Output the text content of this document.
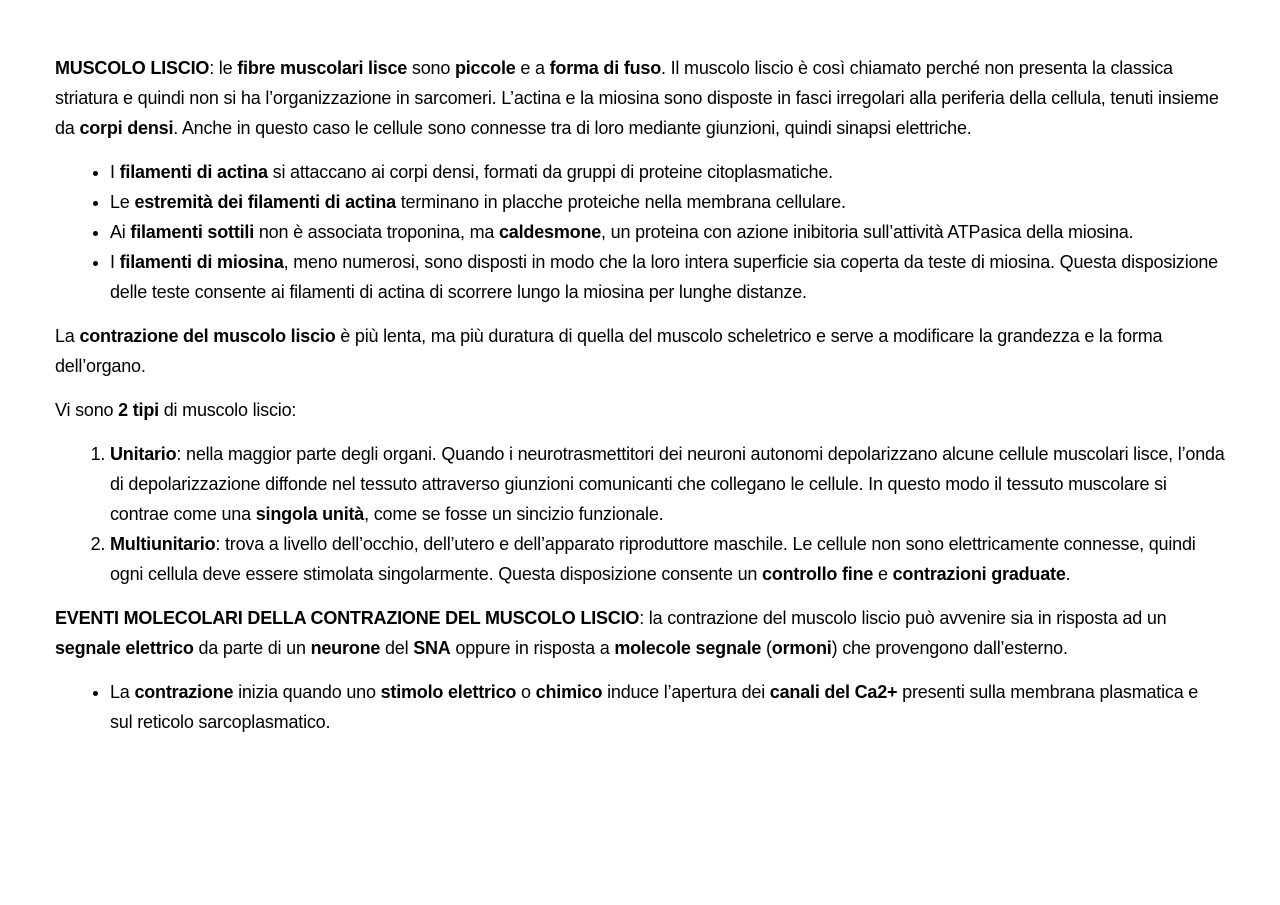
MUSCOLO LISCIO: le fibre muscolari lisce sono piccole e a forma di fuso. Il muscolo liscio è così chiamato perché non presenta la classica striatura e quindi non si ha l’organizzazione in sarcomeri. L’actina e la miosina sono disposte in fasci irregolari alla periferia della cellula, tenuti insieme da corpi densi. Anche in questo caso le cellule sono connesse tra di loro mediante giunzioni, quindi sinapsi elettriche.

• I filamenti di actina si attaccano ai corpi densi, formati da gruppi di proteine citoplasmatiche.
• Le estremità dei filamenti di actina terminano in placche proteiche nella membrana cellulare.
• Ai filamenti sottili non è associata troponina, ma caldesmone, un proteina con azione inibitoria sull’attività ATPasica della miosina.
• I filamenti di miosina, meno numerosi, sono disposti in modo che la loro intera superficie sia coperta da teste di miosina. Questa disposizione delle teste consente ai filamenti di actina di scorrere lungo la miosina per lunghe distanze.

La contrazione del muscolo liscio è più lenta, ma più duratura di quella del muscolo scheletrico e serve a modificare la grandezza e la forma dell’organo.

Vi sono 2 tipi di muscolo liscio:

1. Unitario: nella maggior parte degli organi. Quando i neurotrasmettitori dei neuroni autonomi depolarizzano alcune cellule muscolari lisce, l’onda di depolarizzazione diffonde nel tessuto attraverso giunzioni comunicanti che collegano le cellule. In questo modo il tessuto muscolare si contrae come una singola unità, come se fosse un sincizio funzionale.
2. Multiunitario: trova a livello dell’occhio, dell’utero e dell’apparato riproduttore maschile. Le cellule non sono elettricamente connesse, quindi ogni cellula deve essere stimolata singolarmente. Questa disposizione consente un controllo fine e contrazioni graduate.

EVENTI MOLECOLARI DELLA CONTRAZIONE DEL MUSCOLO LISCIO: la contrazione del muscolo liscio può avvenire sia in risposta ad un segnale elettrico da parte di un neurone del SNA oppure in risposta a molecole segnale (ormoni) che provengono dall’esterno.

• La contrazione inizia quando uno stimolo elettrico o chimico induce l’apertura dei canali del Ca2+ presenti sulla membrana plasmatica e sul reticolo sarcoplasmatico.
